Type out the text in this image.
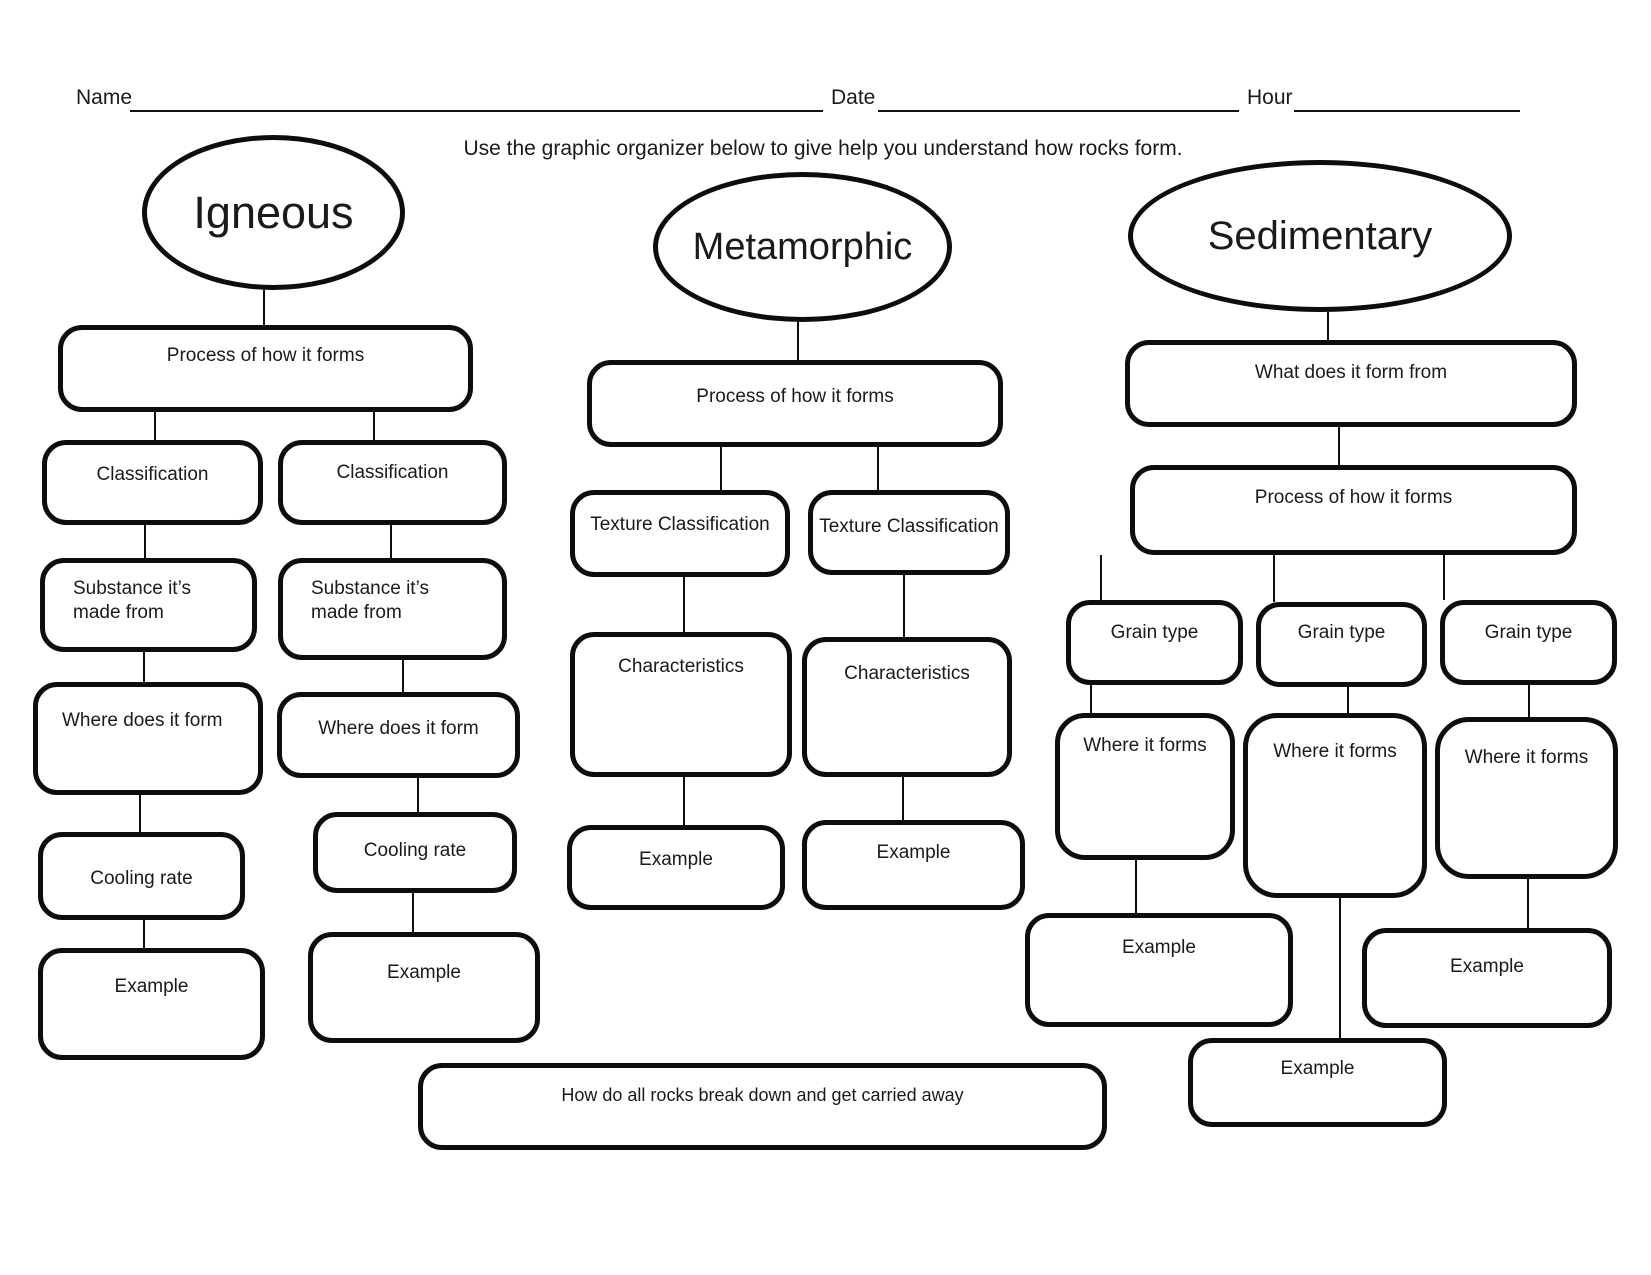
Name	Date	Hour
Use the graphic organizer below to give help you understand how rocks form.
Igneous
Process of how it forms
Classification	Classification
Substance it’s made from
Substance it’s made from
Where does it form	Where does it form
Cooling rate
Cooling rate
Example
Example
Metamorphic
Process of how it forms
Texture Classification	Texture Classification
Characteristics	Characteristics
Example	Example
Sedimentary
What does it form from
Process of how it forms
Grain type	Grain type	Grain type
Where it forms	Where it forms	Where it forms
Example
Example
Example
How do all rocks break down and get carried away
